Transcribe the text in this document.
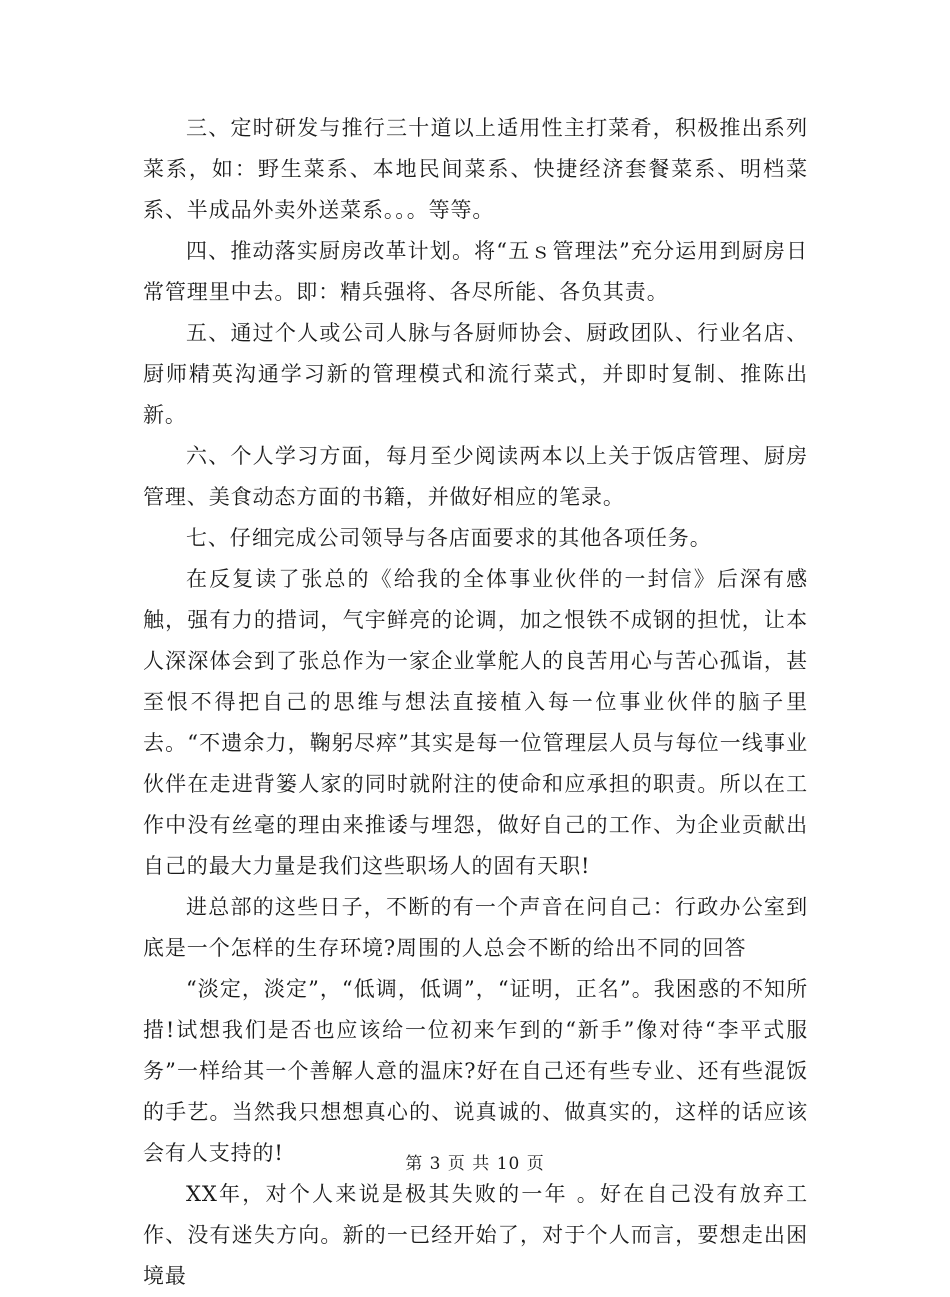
三、定时研发与推行三十道以上适用性主打菜肴，积极推出系列菜系，如：野生菜系、本地民间菜系、快捷经济套餐菜系、明档菜系、半成品外卖外送菜系。。。等等。

四、推动落实厨房改革计划。将“五ｓ管理法”充分运用到厨房日常管理里中去。即：精兵强将、各尽所能、各负其责。

五、通过个人或公司人脉与各厨师协会、厨政团队、行业名店、厨师精英沟通学习新的管理模式和流行菜式，并即时复制、推陈出新。

六、个人学习方面，每月至少阅读两本以上关于饭店管理、厨房管理、美食动态方面的书籍，并做好相应的笔录。

七、仔细完成公司领导与各店面要求的其他各项任务。

在反复读了张总的《给我的全体事业伙伴的一封信》后深有感触，强有力的措词，气宇鲜亮的论调，加之恨铁不成钢的担忧，让本人深深体会到了张总作为一家企业掌舵人的良苦用心与苦心孤诣，甚至恨不得把自己的思维与想法直接植入每一位事业伙伴的脑子里去。“不遗余力，鞠躬尽瘁”其实是每一位管理层人员与每位一线事业伙伴在走进背篓人家的同时就附注的使命和应承担的职责。所以在工作中没有丝毫的理由来推诿与埋怨，做好自己的工作、为企业贡献出自己的最大力量是我们这些职场人的固有天职!

进总部的这些日子，不断的有一个声音在问自己：行政办公室到底是一个怎样的生存环境?周围的人总会不断的给出不同的回答

“淡定，淡定”，“低调，低调”，“证明，正名”。我困惑的不知所措!试想我们是否也应该给一位初来乍到的“新手”像对待“李平式服务”一样给其一个善解人意的温床?好在自己还有些专业、还有些混饭的手艺。当然我只想想真心的、说真诚的、做真实的，这样的话应该会有人支持的!

XX年，对个人来说是极其失败的一年 。好在自己没有放弃工作、没有迷失方向。新的一已经开始了，对于个人而言，要想走出困境最

第 3 页 共 10 页
